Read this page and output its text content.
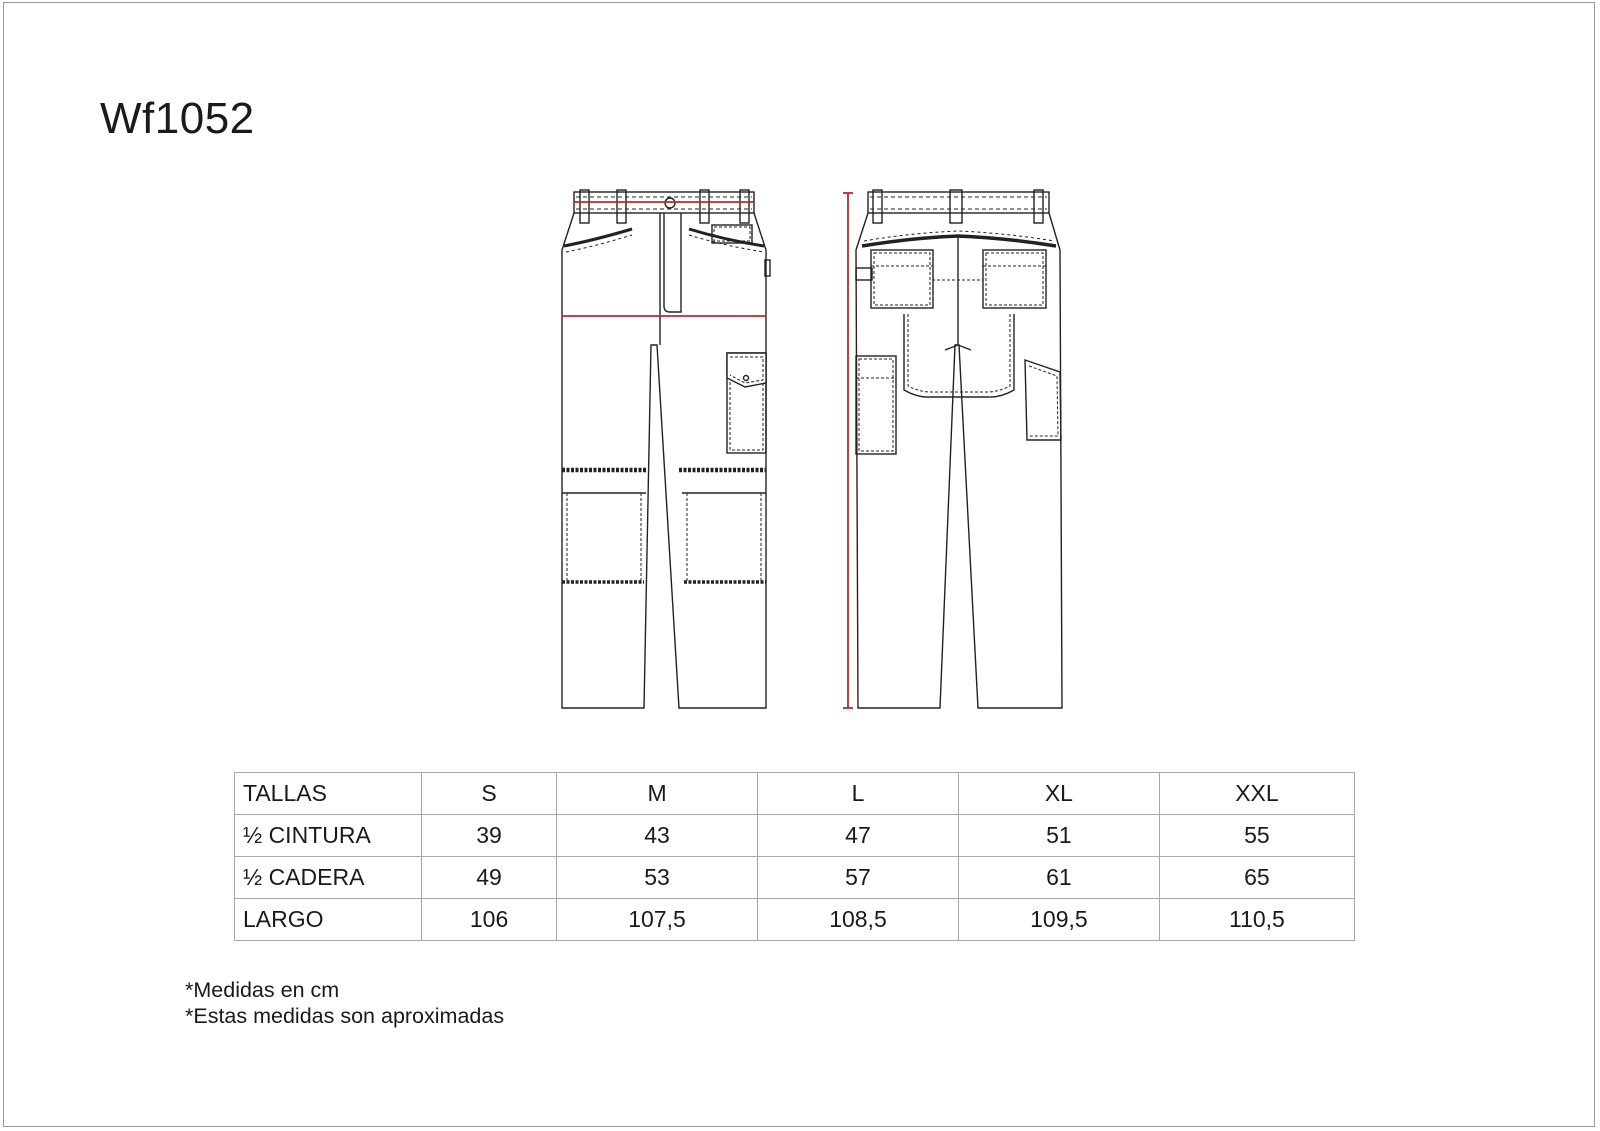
Wf1052
TALLAS	S	M	L	XL	XXL
½ CINTURA	39	43	47	51	55
½ CADERA	49	53	57	61	65
LARGO	106	107,5	108,5	109,5	110,5
*Medidas en cm
*Estas medidas son aproximadas
